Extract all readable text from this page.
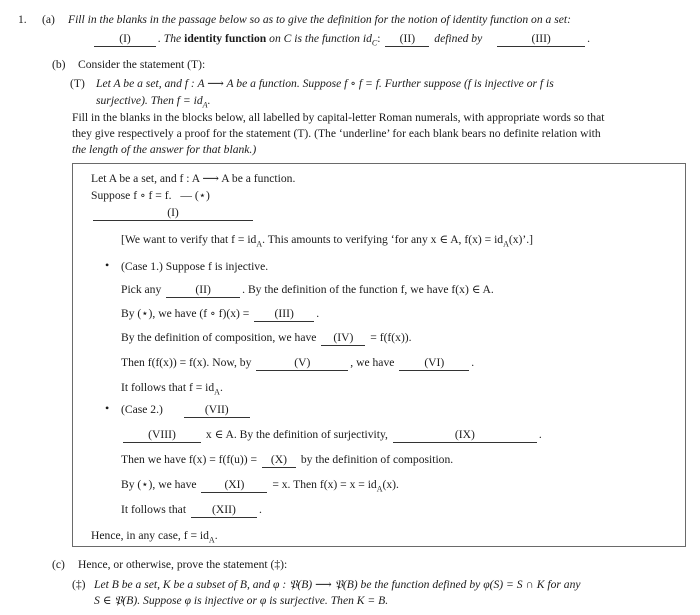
1. (a) Fill in the blanks in the passage below so as to give the definition for the notion of identity function on a set:
(I) . The identity function on C is the function $id_C$: (II) defined by	(III)	.
(b) Consider the statement (T):
(T) Let A be a set, and f : A ⟶ A be a function. Suppose f ∘ f = f. Further suppose (f is injective or f is
surjective). Then $f = id_A$.
Fill in the blanks in the blocks below, all labelled by capital-letter Roman numerals, with appropriate words so that
they give respectively a proof for the statement (T). (The ‘underline’ for each blank bears no definite relation with
the length of the answer for that blank.)
Let A be a set, and f : A ⟶ A be a function.
Suppose f ∘ f = f. — (⋆)
(I)
[We want to verify that $f = id_A$. This amounts to verifying ‘for any x ∈ A, $f(x) = id_A(x)$’.]
• (Case 1.) Suppose f is injective.
Pick any	(II)	. By the definition of the function f, we have f(x) ∈ A.
By (⋆), we have (f ∘ f)(x) = (III) .
By the definition of composition, we have (IV) = f(f(x)).
Then f(f(x)) = f(x). Now, by	(V)	, we have	(VI) .
It follows that $f = id_A$.
• (Case 2.)	(VII)
(VIII)	x ∈ A. By the definition of surjectivity,	(IX)	.
Then we have f(x) = f(f(u)) = (X) by the definition of composition.
By (⋆), we have (XI) = x. Then $f(x) = x = id_A(x)$.
It follows that (XII) .
Hence, in any case, $f = id_A$.
(c) Hence, or otherwise, prove the statement (‡):
(‡) Let B be a set, K be a subset of B, and φ : 𝔓(B) ⟶ 𝔓(B) be the function defined by φ(S) = S ∩ K for any
S ∈ 𝔓(B). Suppose φ is injective or φ is surjective. Then K = B.
